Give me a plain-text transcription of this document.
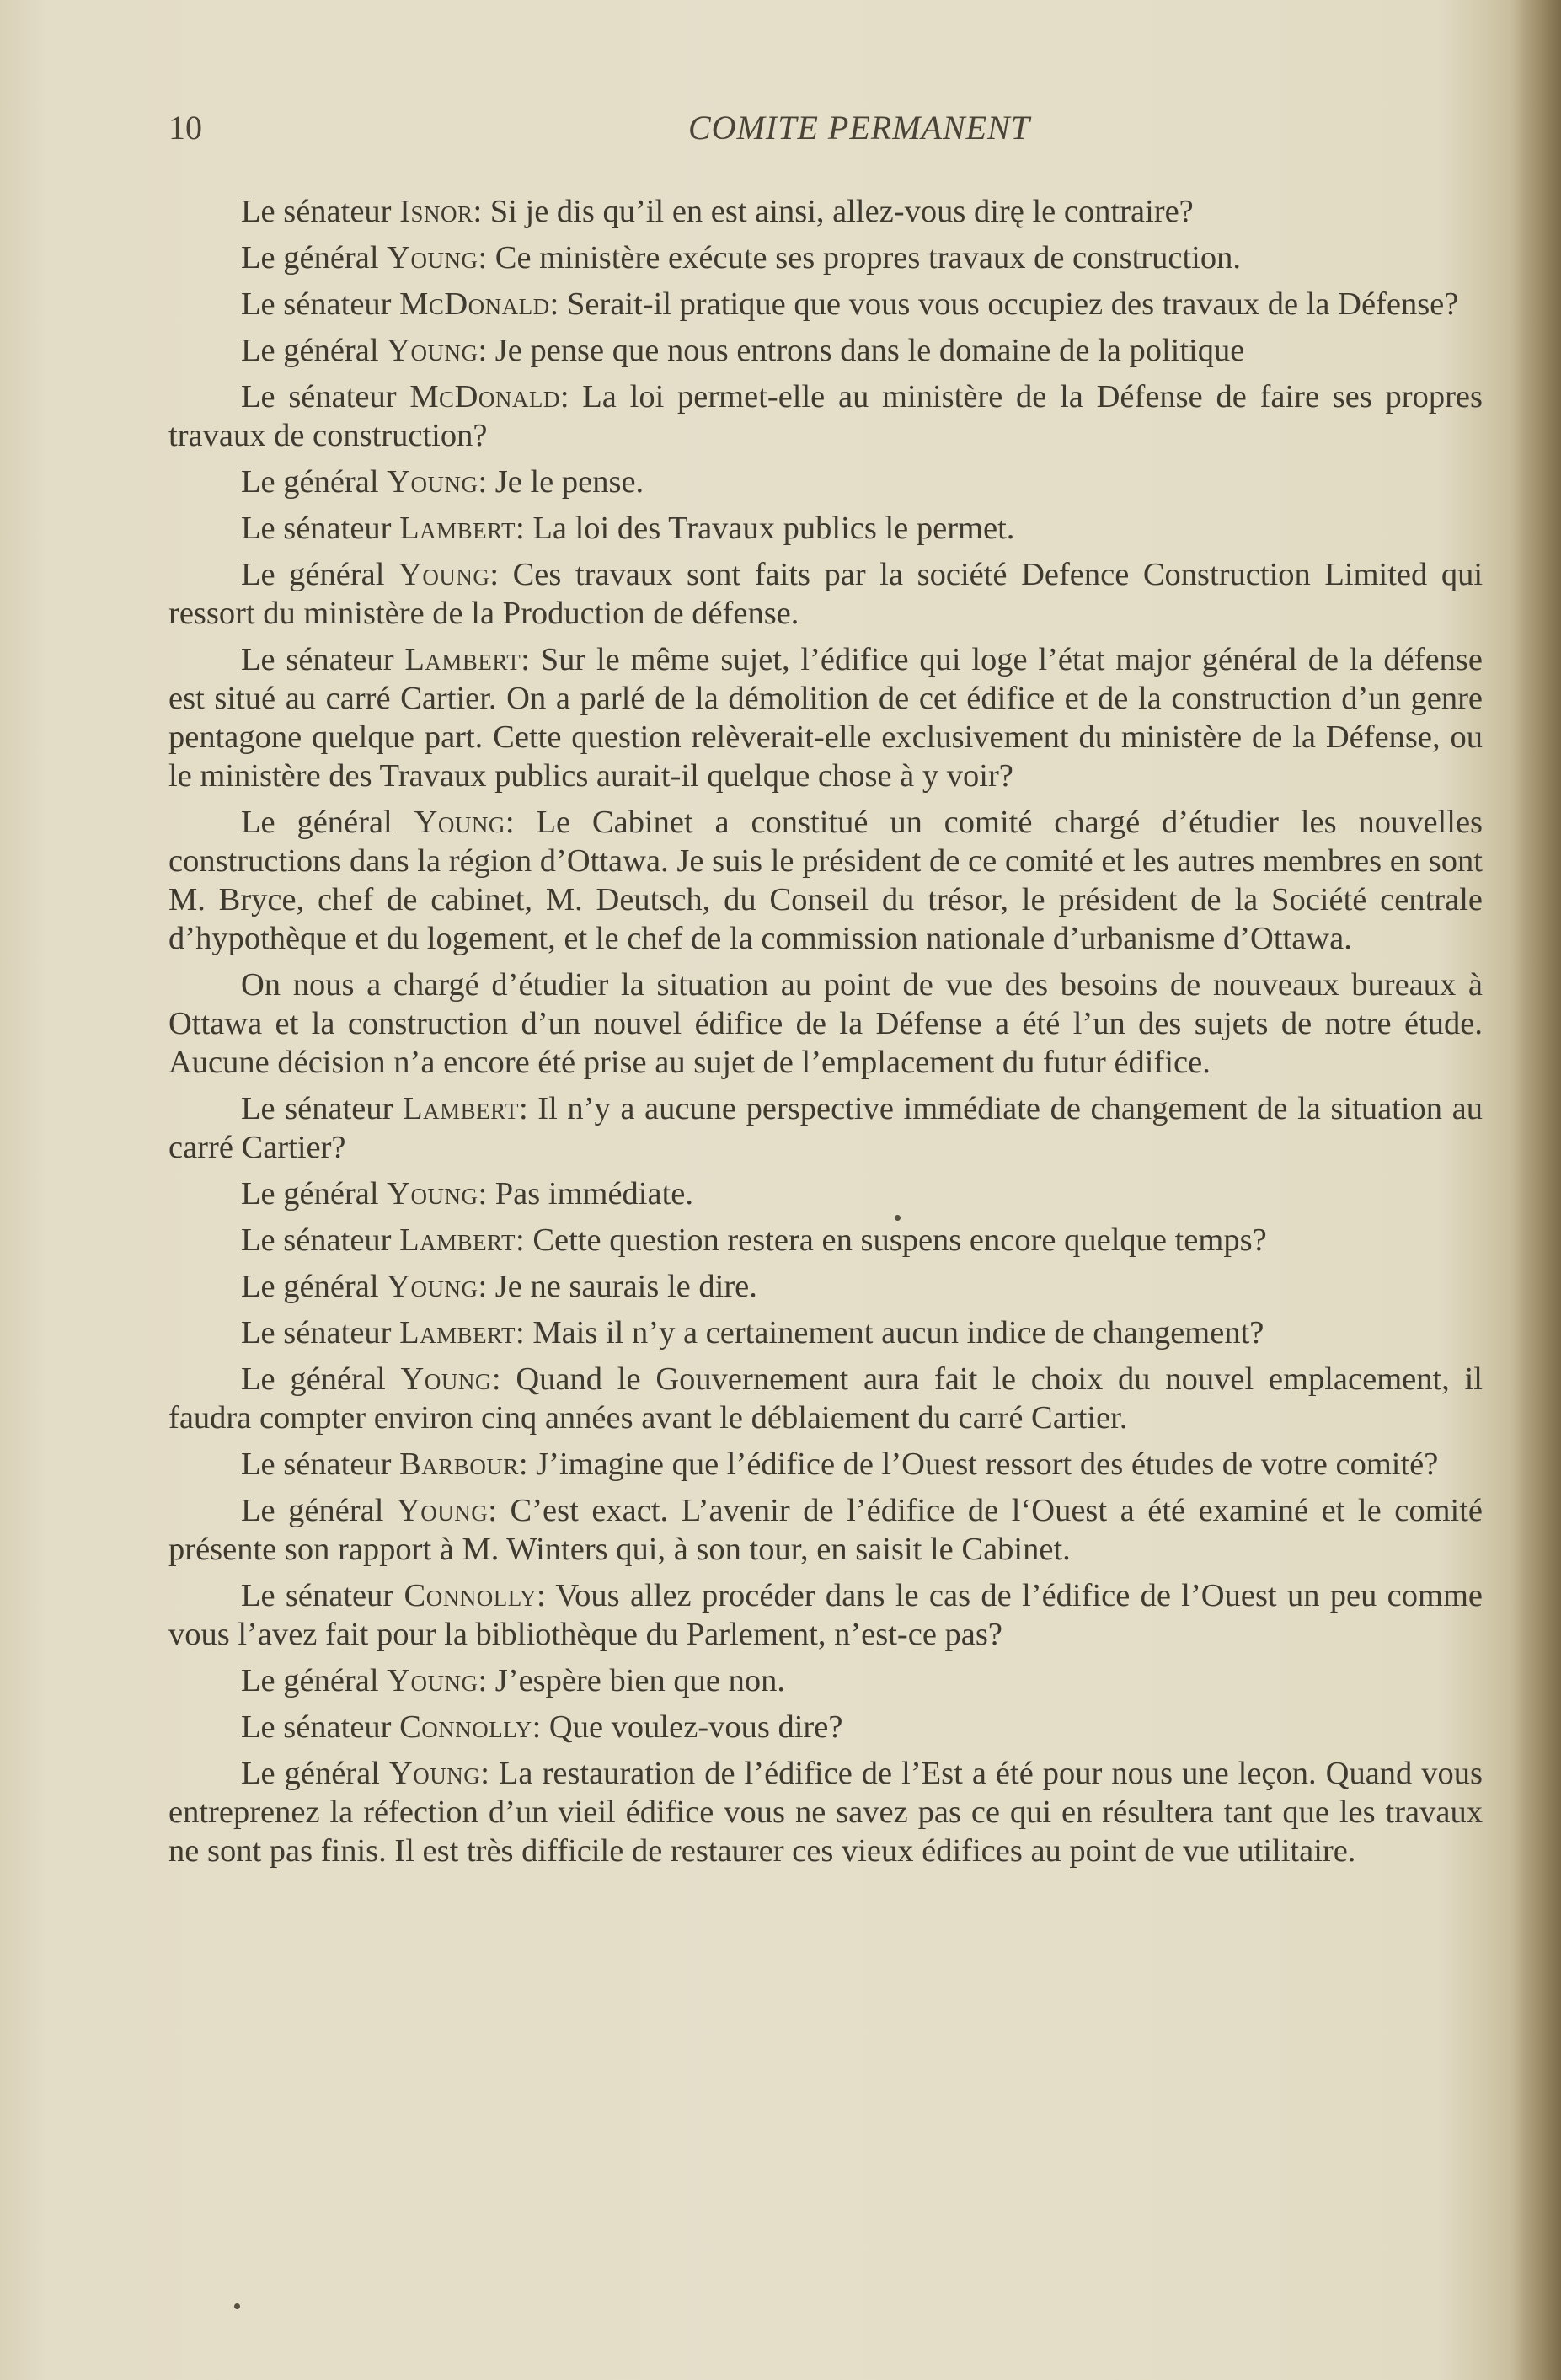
10	COMITE PERMANENT

Le sénateur Isnor: Si je dis qu’il en est ainsi, allez-vous dirę le contraire?

Le général Young: Ce ministère exécute ses propres travaux de construction.

Le sénateur McDonald: Serait-il pratique que vous vous occupiez des travaux de la Défense?

Le général Young: Je pense que nous entrons dans le domaine de la politique

Le sénateur McDonald: La loi permet-elle au ministère de la Défense de faire ses propres travaux de construction?

Le général Young: Je le pense.

Le sénateur Lambert: La loi des Travaux publics le permet.

Le général Young: Ces travaux sont faits par la société Defence Construction Limited qui ressort du ministère de la Production de défense.

Le sénateur Lambert: Sur le même sujet, l’édifice qui loge l’état major général de la défense est situé au carré Cartier. On a parlé de la démolition de cet édifice et de la construction d’un genre pentagone quelque part. Cette question relèverait-elle exclusivement du ministère de la Défense, ou le ministère des Travaux publics aurait-il quelque chose à y voir?

Le général Young: Le Cabinet a constitué un comité chargé d’étudier les nouvelles constructions dans la région d’Ottawa. Je suis le président de ce comité et les autres membres en sont M. Bryce, chef de cabinet, M. Deutsch, du Conseil du trésor, le président de la Société centrale d’hypothèque et du logement, et le chef de la commission nationale d’urbanisme d’Ottawa.

On nous a chargé d’étudier la situation au point de vue des besoins de nouveaux bureaux à Ottawa et la construction d’un nouvel édifice de la Défense a été l’un des sujets de notre étude. Aucune décision n’a encore été prise au sujet de l’emplacement du futur édifice.

Le sénateur Lambert: Il n’y a aucune perspective immédiate de changement de la situation au carré Cartier?

Le général Young: Pas immédiate.

Le sénateur Lambert: Cette question restera en suspens encore quelque temps?

Le général Young: Je ne saurais le dire.

Le sénateur Lambert: Mais il n’y a certainement aucun indice de changement?

Le général Young: Quand le Gouvernement aura fait le choix du nouvel emplacement, il faudra compter environ cinq années avant le déblaiement du carré Cartier.

Le sénateur Barbour: J’imagine que l’édifice de l’Ouest ressort des études de votre comité?

Le général Young: C’est exact. L’avenir de l’édifice de l‘Ouest a été examiné et le comité présente son rapport à M. Winters qui, à son tour, en saisit le Cabinet.

Le sénateur Connolly: Vous allez procéder dans le cas de l’édifice de l’Ouest un peu comme vous l’avez fait pour la bibliothèque du Parlement, n’est-ce pas?

Le général Young: J’espère bien que non.

Le sénateur Connolly: Que voulez-vous dire?

Le général Young: La restauration de l’édifice de l’Est a été pour nous une leçon. Quand vous entreprenez la réfection d’un vieil édifice vous ne savez pas ce qui en résultera tant que les travaux ne sont pas finis. Il est très difficile de restaurer ces vieux édifices au point de vue utilitaire.
